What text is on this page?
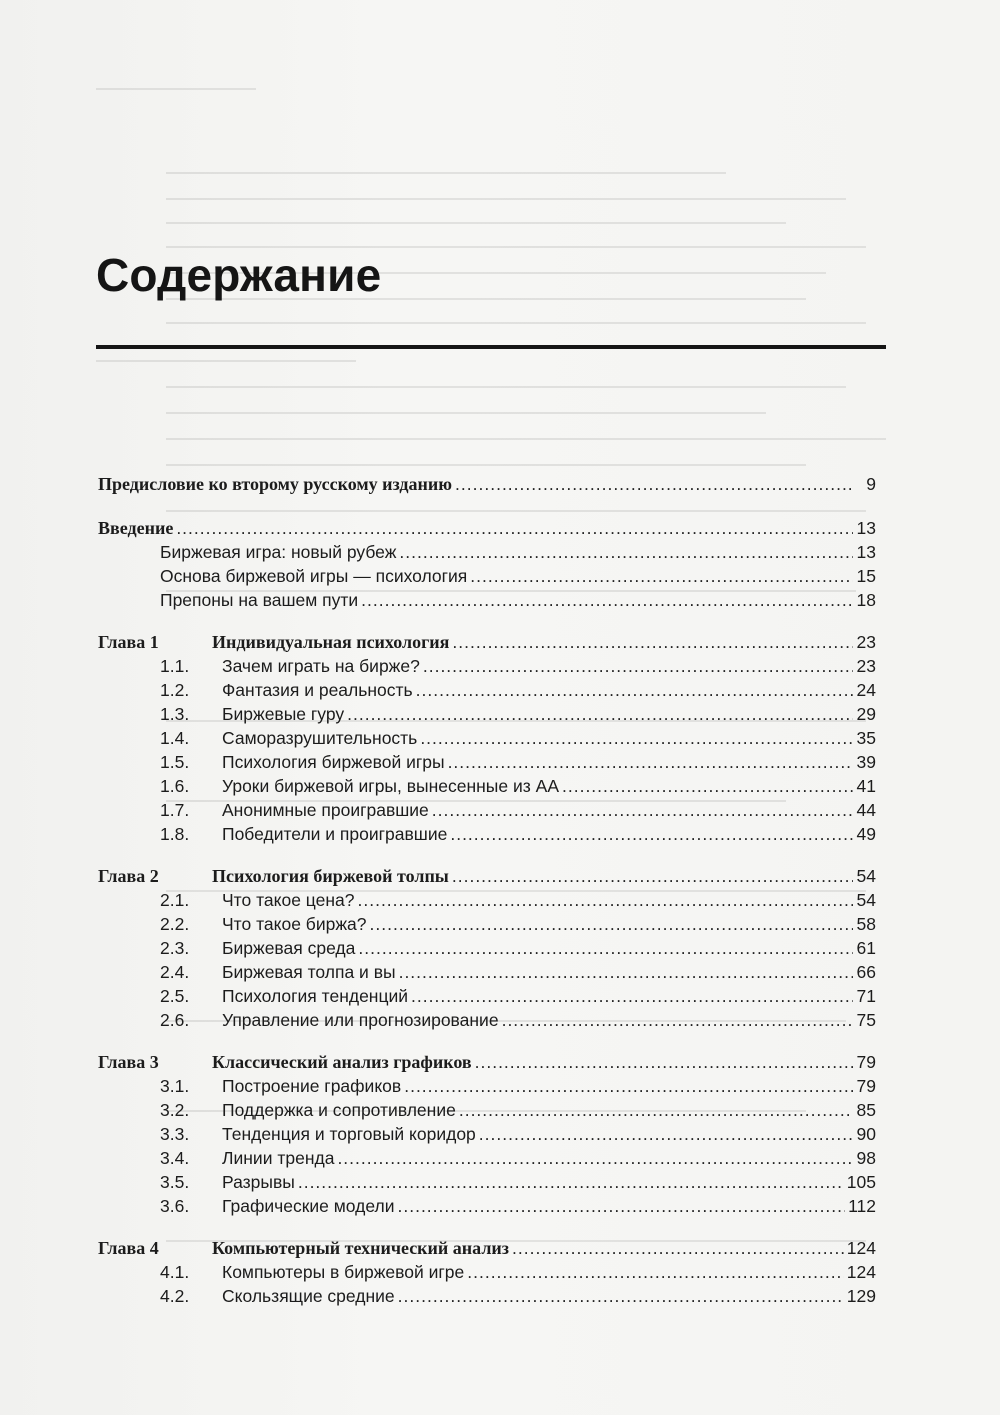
Содержание
Предисловие ко второму русскому изданию .....	9
Введение .....	13
Биржевая игра: новый рубеж .....	13
Основа биржевой игры — психология .....	15
Препоны на вашем пути .....	18
Глава 1	Индивидуальная психология .....	23
1.1.	Зачем играть на бирже? .....	23
1.2.	Фантазия и реальность .....	24
1.3.	Биржевые гуру .....	29
1.4.	Саморазрушительность .....	35
1.5.	Психология биржевой игры .....	39
1.6.	Уроки биржевой игры, вынесенные из АА .....	41
1.7.	Анонимные проигравшие .....	44
1.8.	Победители и проигравшие .....	49
Глава 2	Психология биржевой толпы .....	54
2.1.	Что такое цена? .....	54
2.2.	Что такое биржа? .....	58
2.3.	Биржевая среда .....	61
2.4.	Биржевая толпа и вы .....	66
2.5.	Психология тенденций .....	71
2.6.	Управление или прогнозирование .....	75
Глава 3	Классический анализ графиков .....	79
3.1.	Построение графиков .....	79
3.2.	Поддержка и сопротивление .....	85
3.3.	Тенденция и торговый коридор .....	90
3.4.	Линии тренда .....	98
3.5.	Разрывы .....	105
3.6.	Графические модели .....	112
Глава 4	Компьютерный технический анализ .....	124
4.1.	Компьютеры в биржевой игре .....	124
4.2.	Скользящие средние .....	129
